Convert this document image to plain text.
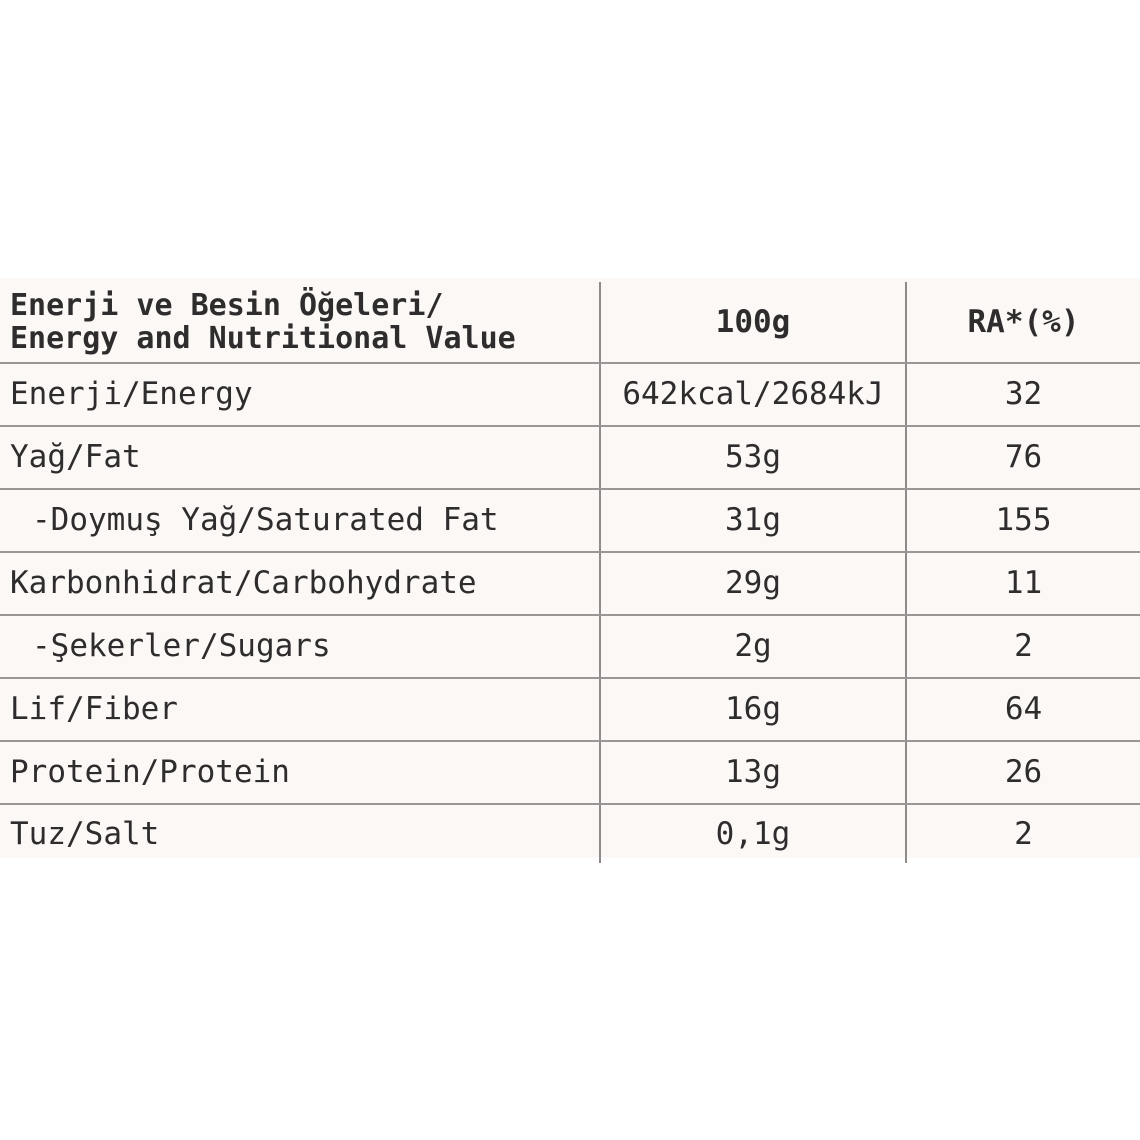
Enerji ve Besin Öğeleri/
Energy and Nutritional Value	100g	RA*(%)
Enerji/Energy	642kcal/2684kJ	32
Yağ/Fat	53g	76
-Doymuş Yağ/Saturated Fat	31g	155
Karbonhidrat/Carbohydrate	29g	11
-Şekerler/Sugars	2g	2
Lif/Fiber	16g	64
Protein/Protein	13g	26
Tuz/Salt	0,1g	2
